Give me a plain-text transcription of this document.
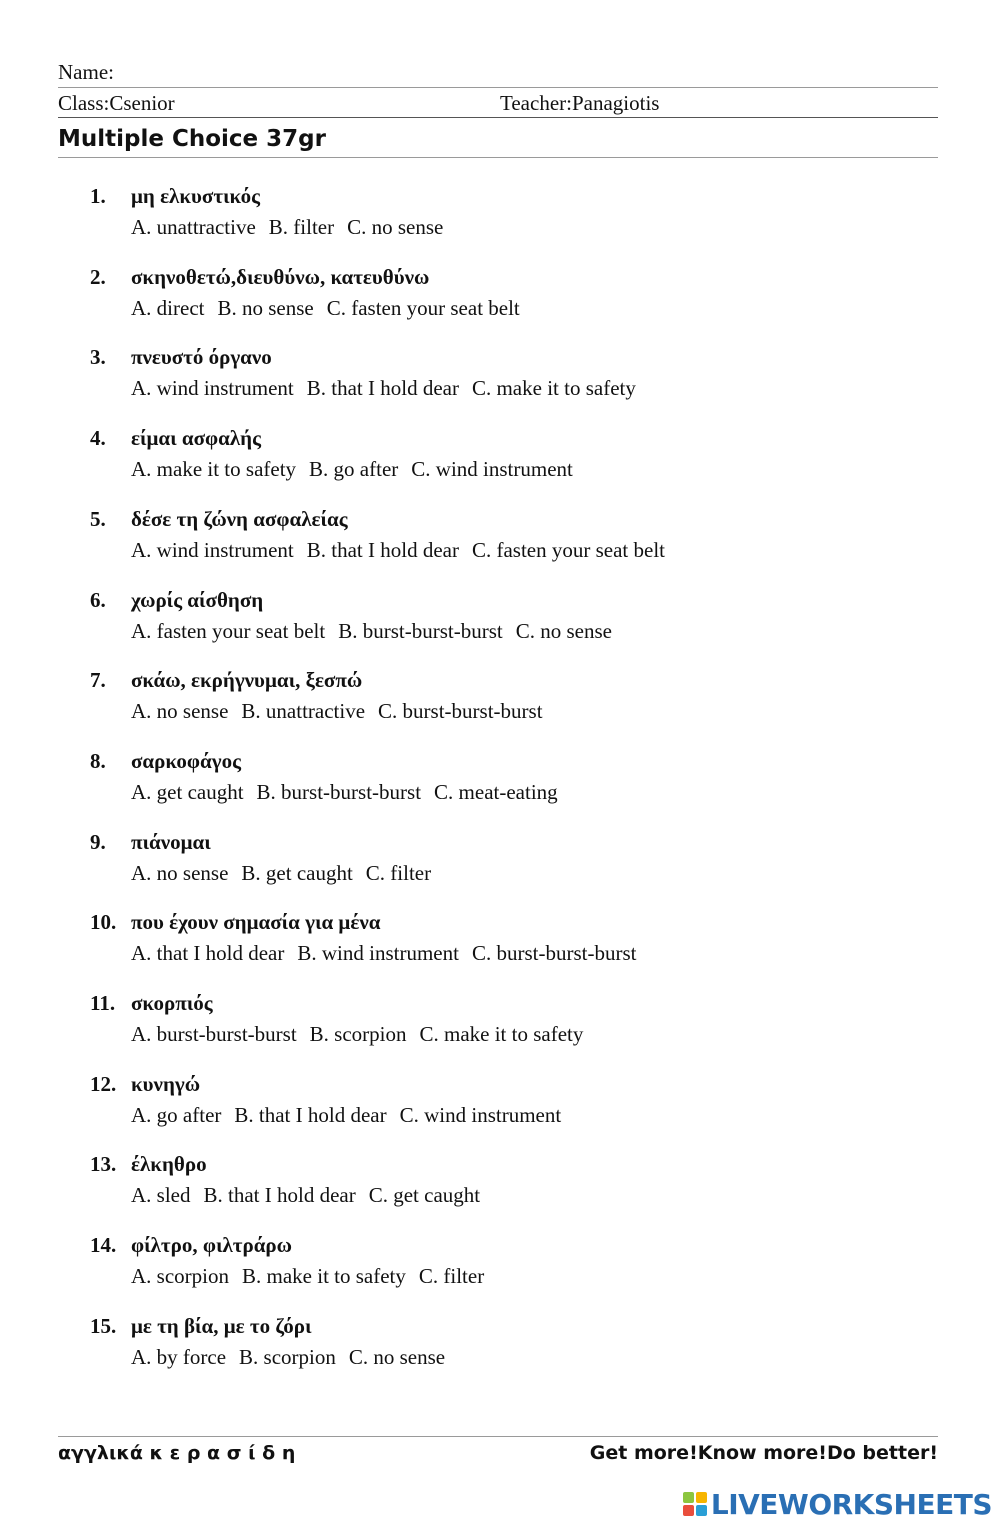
Name:
Class:Csenior	Teacher:Panagiotis
Multiple Choice 37gr
1. μη ελκυστικός
A. unattractive B. filter C. no sense
2. σκηνοθετώ,διευθύνω, κατευθύνω
A. direct B. no sense C. fasten your seat belt
3. πνευστό όργανο
A. wind instrument B. that I hold dear C. make it to safety
4. είμαι ασφαλής
A. make it to safety B. go after C. wind instrument
5. δέσε τη ζώνη ασφαλείας
A. wind instrument B. that I hold dear C. fasten your seat belt
6. χωρίς αίσθηση
A. fasten your seat belt B. burst-burst-burst C. no sense
7. σκάω, εκρήγνυμαι, ξεσπώ
A. no sense B. unattractive C. burst-burst-burst
8. σαρκοφάγος
A. get caught B. burst-burst-burst C. meat-eating
9. πιάνομαι
A. no sense B. get caught C. filter
10. που έχουν σημασία για μένα
A. that I hold dear B. wind instrument C. burst-burst-burst
11. σκορπιός
A. burst-burst-burst B. scorpion C. make it to safety
12. κυνηγώ
A. go after B. that I hold dear C. wind instrument
13. έλκηθρο
A. sled B. that I hold dear C. get caught
14. φίλτρο, φιλτράρω
A. scorpion B. make it to safety C. filter
15. με τη βία, με το ζόρι
A. by force B. scorpion C. no sense
αγγλικά κ ε ρ α σ ί δ η	Get more!Know more!Do better!
LIVEWORKSHEETS
